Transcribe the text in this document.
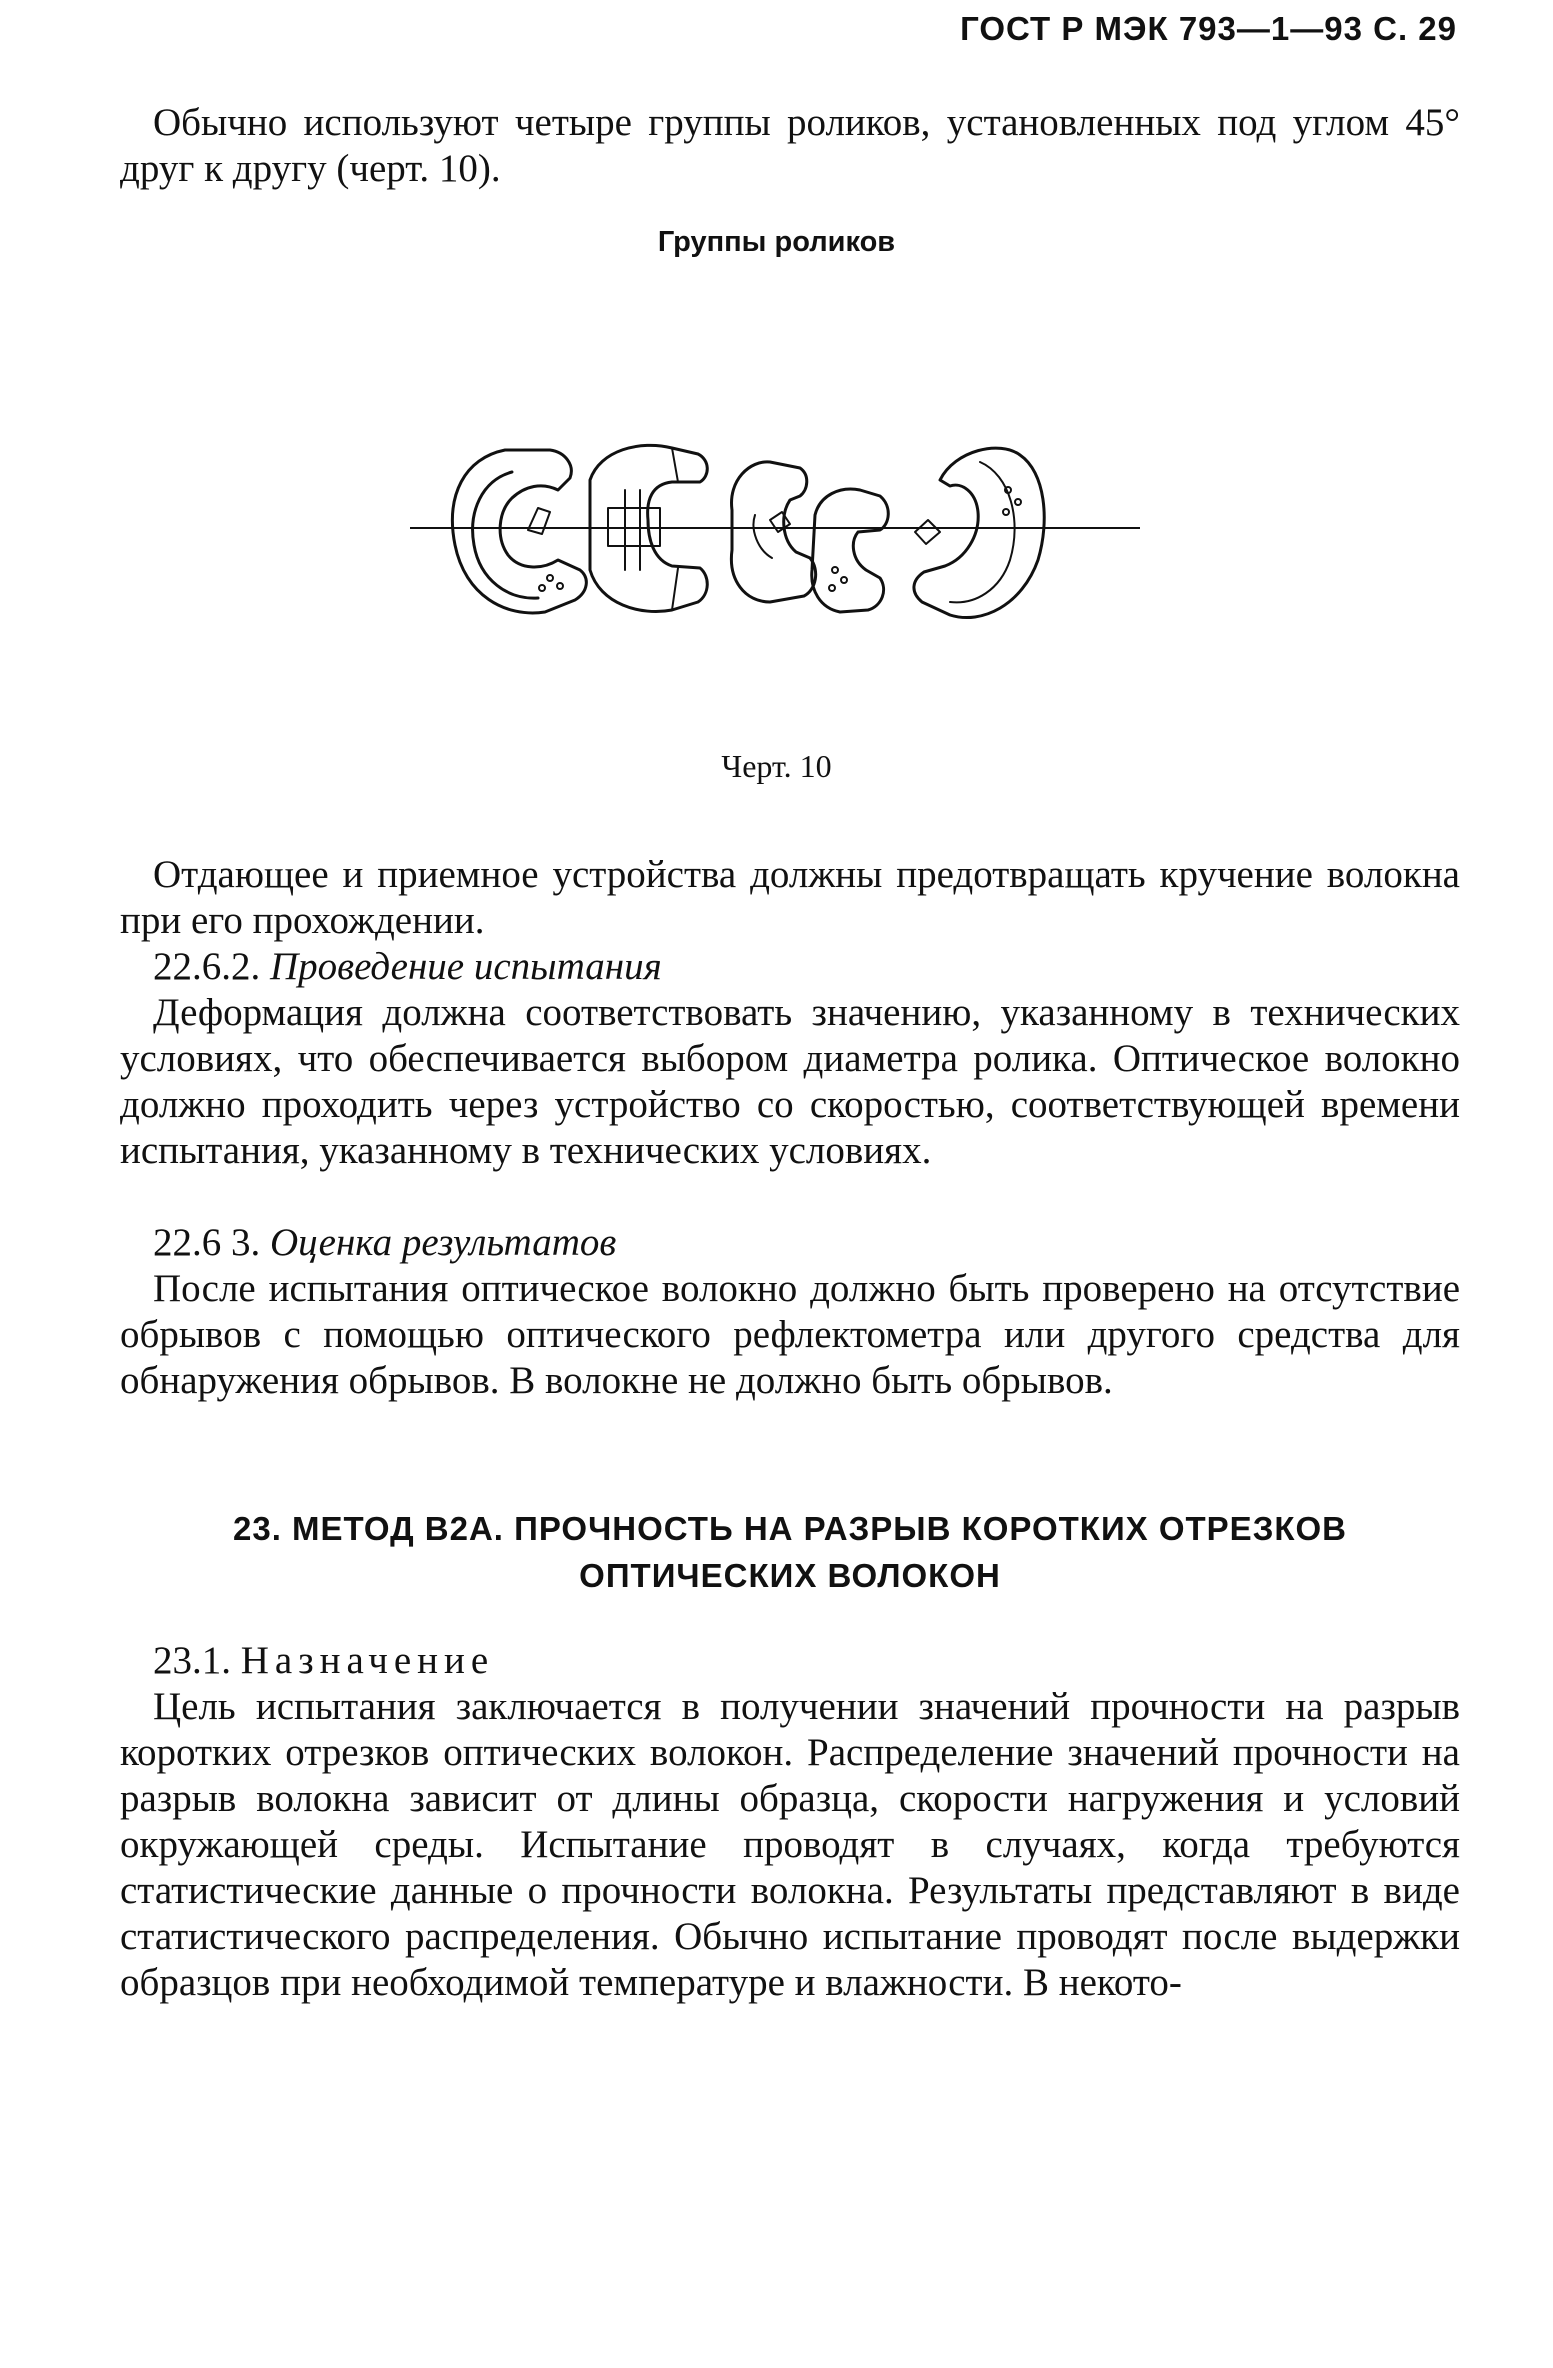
ГОСТ Р МЭК 793—1—93 С. 29

Обычно используют четыре группы роликов, установленных под углом 45° друг к другу (черт. 10).

Группы роликов
Черт. 10

Отдающее и приемное устройства должны предотвращать кручение волокна при его прохождении.

22.6.2. Проведение испытания

Деформация должна соответствовать значению, указанному в технических условиях, что обеспечивается выбором диаметра ролика. Оптическое волокно должно проходить через устройство со скоростью, соответствующей времени испытания, указанному в технических условиях.

22.6 3. Оценка результатов

После испытания оптическое волокно должно быть проверено на отсутствие обрывов с помощью оптического рефлектометра или другого средства для обнаружения обрывов. В волокне не должно быть обрывов.

23. МЕТОД В2А. ПРОЧНОСТЬ НА РАЗРЫВ КОРОТКИХ ОТРЕЗКОВ
ОПТИЧЕСКИХ ВОЛОКОН

23.1. Назначение

Цель испытания заключается в получении значений прочности на разрыв коротких отрезков оптических волокон. Распределение значений прочности на разрыв волокна зависит от длины образца, скорости нагружения и условий окружающей среды. Испытание проводят в случаях, когда требуются статистические данные о прочности волокна. Результаты представляют в виде статистического распределения. Обычно испытание проводят после выдержки образцов при необходимой температуре и влажности. В некото-
